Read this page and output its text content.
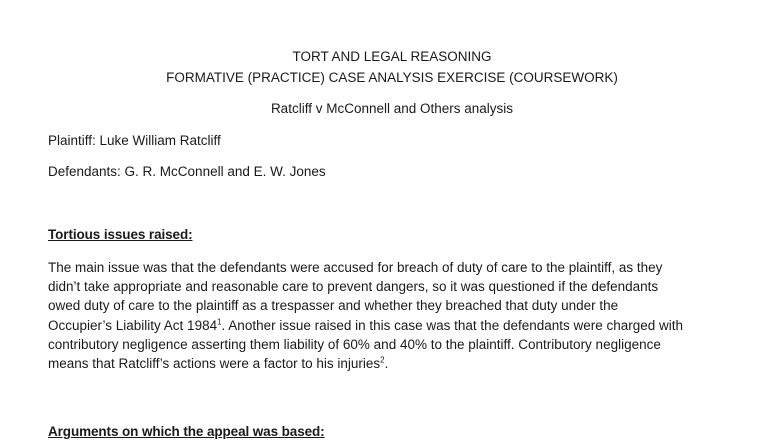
TORT AND LEGAL REASONING
FORMATIVE (PRACTICE) CASE ANALYSIS EXERCISE (COURSEWORK)
Ratcliff v McConnell and Others analysis
Plaintiff: Luke William Ratcliff
Defendants: G. R. McConnell and E. W. Jones
Tortious issues raised:
The main issue was that the defendants were accused for breach of duty of care to the plaintiff, as they
didn’t take appropriate and reasonable care to prevent dangers, so it was questioned if the defendants
owed duty of care to the plaintiff as a trespasser and whether they breached that duty under the
Occupier’s Liability Act 1984$^1$. Another issue raised in this case was that the defendants were charged with
contributory negligence asserting them liability of 60% and 40% to the plaintiff. Contributory negligence
means that Ratcliff’s actions were a factor to his injuries$^2$.
Arguments on which the appeal was based:
